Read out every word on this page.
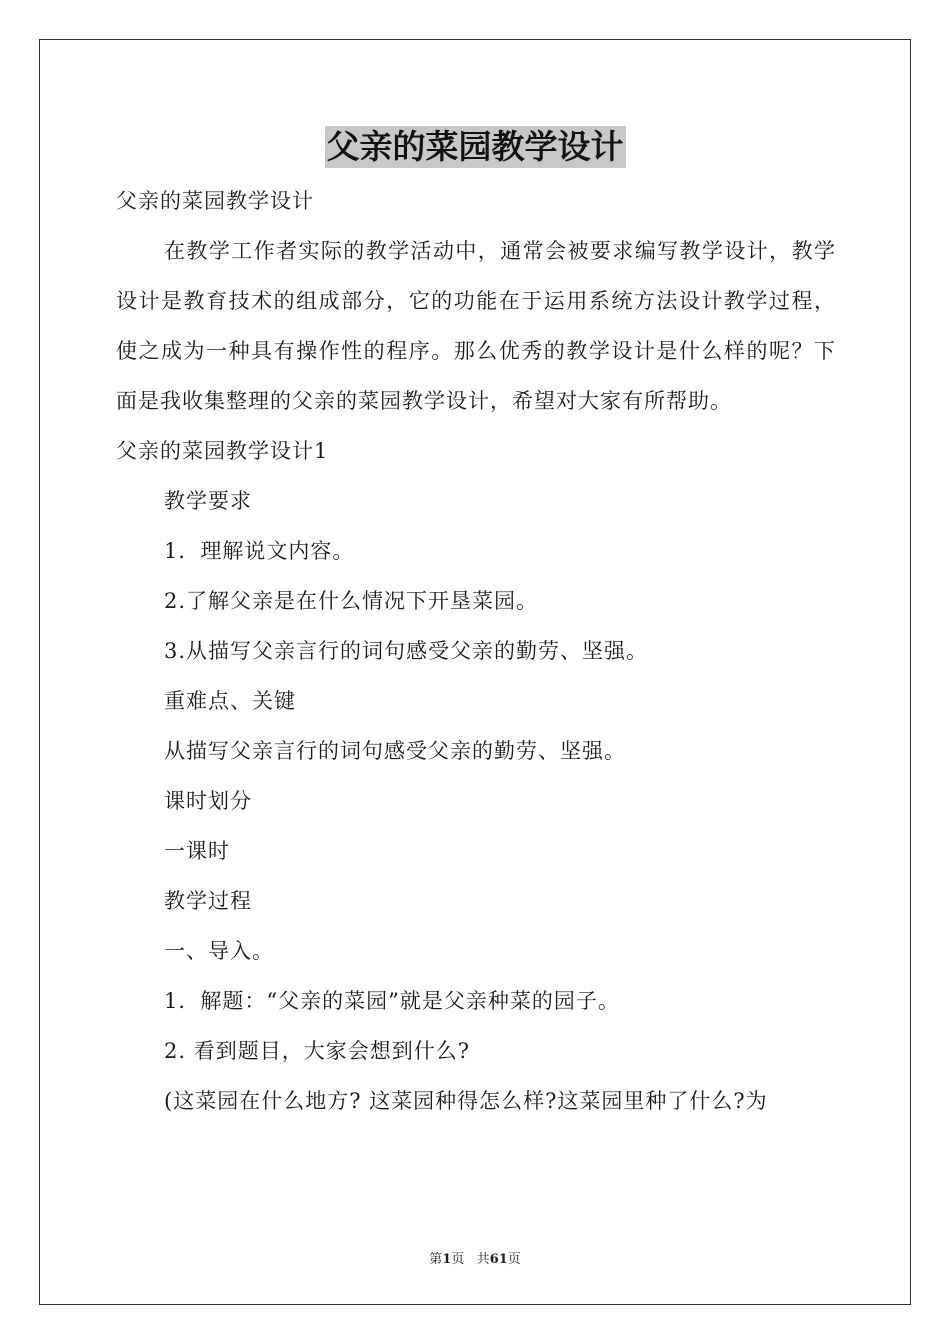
父亲的菜园教学设计

父亲的菜园教学设计

在教学工作者实际的教学活动中，通常会被要求编写教学设计，教学设计是教育技术的组成部分，它的功能在于运用系统方法设计教学过程，使之成为一种具有操作性的程序。那么优秀的教学设计是什么样的呢？下面是我收集整理的父亲的菜园教学设计，希望对大家有所帮助。

父亲的菜园教学设计1

教学要求

1．理解说文内容。

2.了解父亲是在什么情况下开垦菜园。

3.从描写父亲言行的词句感受父亲的勤劳、坚强。

重难点、关键

从描写父亲言行的词句感受父亲的勤劳、坚强。

课时划分

一课时

教学过程

一、导入。

1．解题：“父亲的菜园”就是父亲种菜的园子。

2. 看到题目，大家会想到什么?

(这菜园在什么地方? 这菜园种得怎么样?这菜园里种了什么?为

第1页 共61页
